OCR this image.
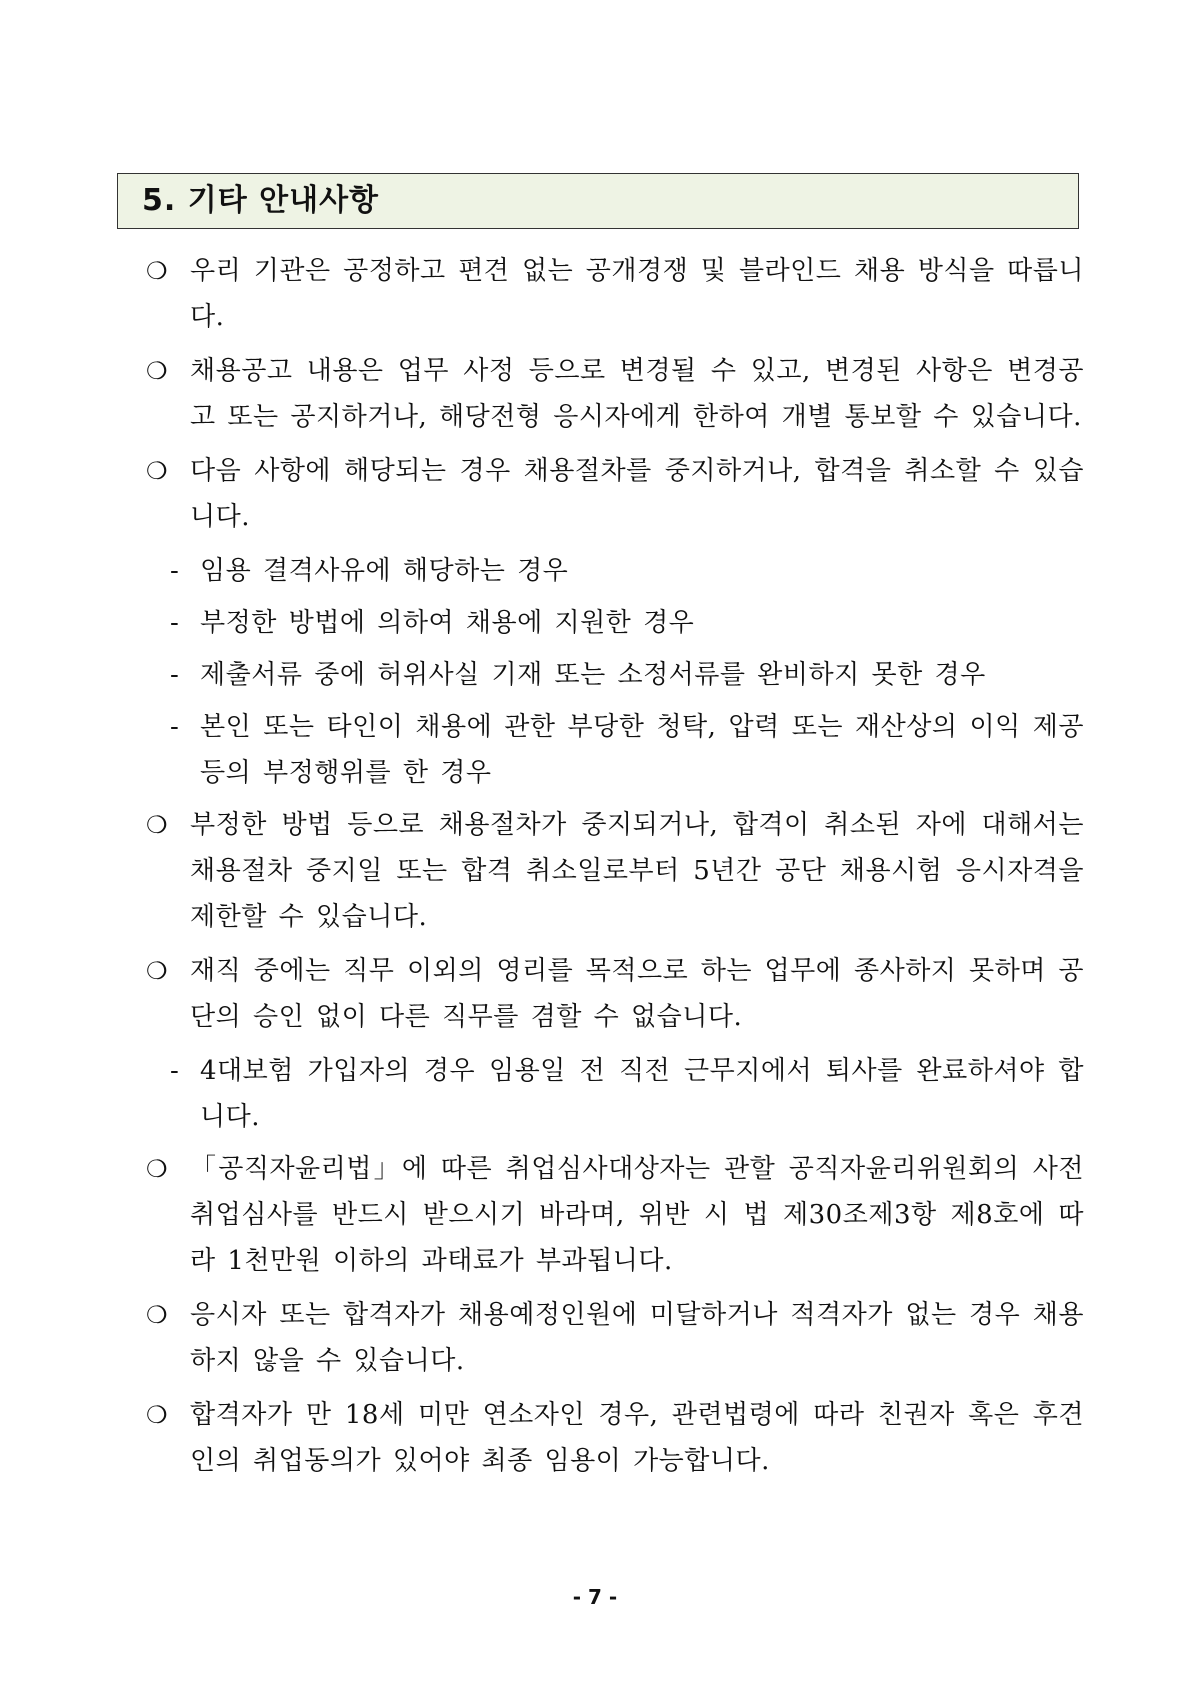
5. 기타 안내사항
❍ 우리 기관은 공정하고 편견 없는 공개경쟁 및 블라인드 채용 방식을 따릅니다.
❍ 채용공고 내용은 업무 사정 등으로 변경될 수 있고, 변경된 사항은 변경공고 또는 공지하거나, 해당전형 응시자에게 한하여 개별 통보할 수 있습니다.
❍ 다음 사항에 해당되는 경우 채용절차를 중지하거나, 합격을 취소할 수 있습니다.
- 임용 결격사유에 해당하는 경우
- 부정한 방법에 의하여 채용에 지원한 경우
- 제출서류 중에 허위사실 기재 또는 소정서류를 완비하지 못한 경우
- 본인 또는 타인이 채용에 관한 부당한 청탁, 압력 또는 재산상의 이익 제공 등의 부정행위를 한 경우
❍ 부정한 방법 등으로 채용절차가 중지되거나, 합격이 취소된 자에 대해서는 채용절차 중지일 또는 합격 취소일로부터 5년간 공단 채용시험 응시자격을 제한할 수 있습니다.
❍ 재직 중에는 직무 이외의 영리를 목적으로 하는 업무에 종사하지 못하며 공단의 승인 없이 다른 직무를 겸할 수 없습니다.
- 4대보험 가입자의 경우 임용일 전 직전 근무지에서 퇴사를 완료하셔야 합니다.
❍ 「공직자윤리법」에 따른 취업심사대상자는 관할 공직자윤리위원회의 사전 취업심사를 반드시 받으시기 바라며, 위반 시 법 제30조제3항 제8호에 따라 1천만원 이하의 과태료가 부과됩니다.
❍ 응시자 또는 합격자가 채용예정인원에 미달하거나 적격자가 없는 경우 채용하지 않을 수 있습니다.
❍ 합격자가 만 18세 미만 연소자인 경우, 관련법령에 따라 친권자 혹은 후견인의 취업동의가 있어야 최종 임용이 가능합니다.
- 7 -
